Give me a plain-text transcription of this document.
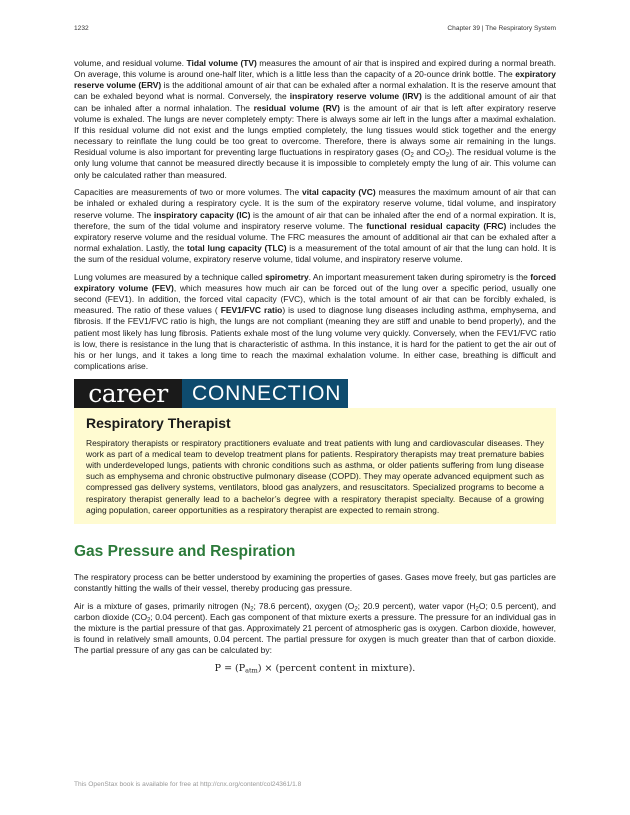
1232	Chapter 39 | The Respiratory System

volume, and residual volume. Tidal volume (TV) measures the amount of air that is inspired and expired during a normal breath. On average, this volume is around one-half liter, which is a little less than the capacity of a 20-ounce drink bottle. The expiratory reserve volume (ERV) is the additional amount of air that can be exhaled after a normal exhalation. It is the reserve amount that can be exhaled beyond what is normal. Conversely, the inspiratory reserve volume (IRV) is the additional amount of air that can be inhaled after a normal inhalation. The residual volume (RV) is the amount of air that is left after expiratory reserve volume is exhaled. The lungs are never completely empty: There is always some air left in the lungs after a maximal exhalation. If this residual volume did not exist and the lungs emptied completely, the lung tissues would stick together and the energy necessary to reinflate the lung could be too great to overcome. Therefore, there is always some air remaining in the lungs. Residual volume is also important for preventing large fluctuations in respiratory gases ($O_2$ and $CO_2$). The residual volume is the only lung volume that cannot be measured directly because it is impossible to completely empty the lung of air. This volume can only be calculated rather than measured.

Capacities are measurements of two or more volumes. The vital capacity (VC) measures the maximum amount of air that can be inhaled or exhaled during a respiratory cycle. It is the sum of the expiratory reserve volume, tidal volume, and inspiratory reserve volume. The inspiratory capacity (IC) is the amount of air that can be inhaled after the end of a normal expiration. It is, therefore, the sum of the tidal volume and inspiratory reserve volume. The functional residual capacity (FRC) includes the expiratory reserve volume and the residual volume. The FRC measures the amount of additional air that can be exhaled after a normal exhalation. Lastly, the total lung capacity (TLC) is a measurement of the total amount of air that the lung can hold. It is the sum of the residual volume, expiratory reserve volume, tidal volume, and inspiratory reserve volume.

Lung volumes are measured by a technique called spirometry. An important measurement taken during spirometry is the forced expiratory volume (FEV), which measures how much air can be forced out of the lung over a specific period, usually one second (FEV1). In addition, the forced vital capacity (FVC), which is the total amount of air that can be forcibly exhaled, is measured. The ratio of these values ( FEV1/FVC ratio) is used to diagnose lung diseases including asthma, emphysema, and fibrosis. If the FEV1/FVC ratio is high, the lungs are not compliant (meaning they are stiff and unable to bend properly), and the patient most likely has lung fibrosis. Patients exhale most of the lung volume very quickly. Conversely, when the FEV1/FVC ratio is low, there is resistance in the lung that is characteristic of asthma. In this instance, it is hard for the patient to get the air out of his or her lungs, and it takes a long time to reach the maximal exhalation volume. In either case, breathing is difficult and complications arise.

career	CONNECTION
Respiratory Therapist

Respiratory therapists or respiratory practitioners evaluate and treat patients with lung and cardiovascular diseases. They work as part of a medical team to develop treatment plans for patients. Respiratory therapists may treat premature babies with underdeveloped lungs, patients with chronic conditions such as asthma, or older patients suffering from lung disease such as emphysema and chronic obstructive pulmonary disease (COPD). They may operate advanced equipment such as compressed gas delivery systems, ventilators, blood gas analyzers, and resuscitators. Specialized programs to become a respiratory therapist generally lead to a bachelor’s degree with a respiratory therapist specialty. Because of a growing aging population, career opportunities as a respiratory therapist are expected to remain strong.

Gas Pressure and Respiration

The respiratory process can be better understood by examining the properties of gases. Gases move freely, but gas particles are constantly hitting the walls of their vessel, thereby producing gas pressure.

Air is a mixture of gases, primarily nitrogen ($N_2$; 78.6 percent), oxygen ($O_2$; 20.9 percent), water vapor ($H_2O$; 0.5 percent), and carbon dioxide ($CO_2$; 0.04 percent). Each gas component of that mixture exerts a pressure. The pressure for an individual gas in the mixture is the partial pressure of that gas. Approximately 21 percent of atmospheric gas is oxygen. Carbon dioxide, however, is found in relatively small amounts, 0.04 percent. The partial pressure for oxygen is much greater than that of carbon dioxide. The partial pressure of any gas can be calculated by:

$P = (P_{atm})$ × (percent content in mixture).
This OpenStax book is available for free at http://cnx.org/content/col24361/1.8
